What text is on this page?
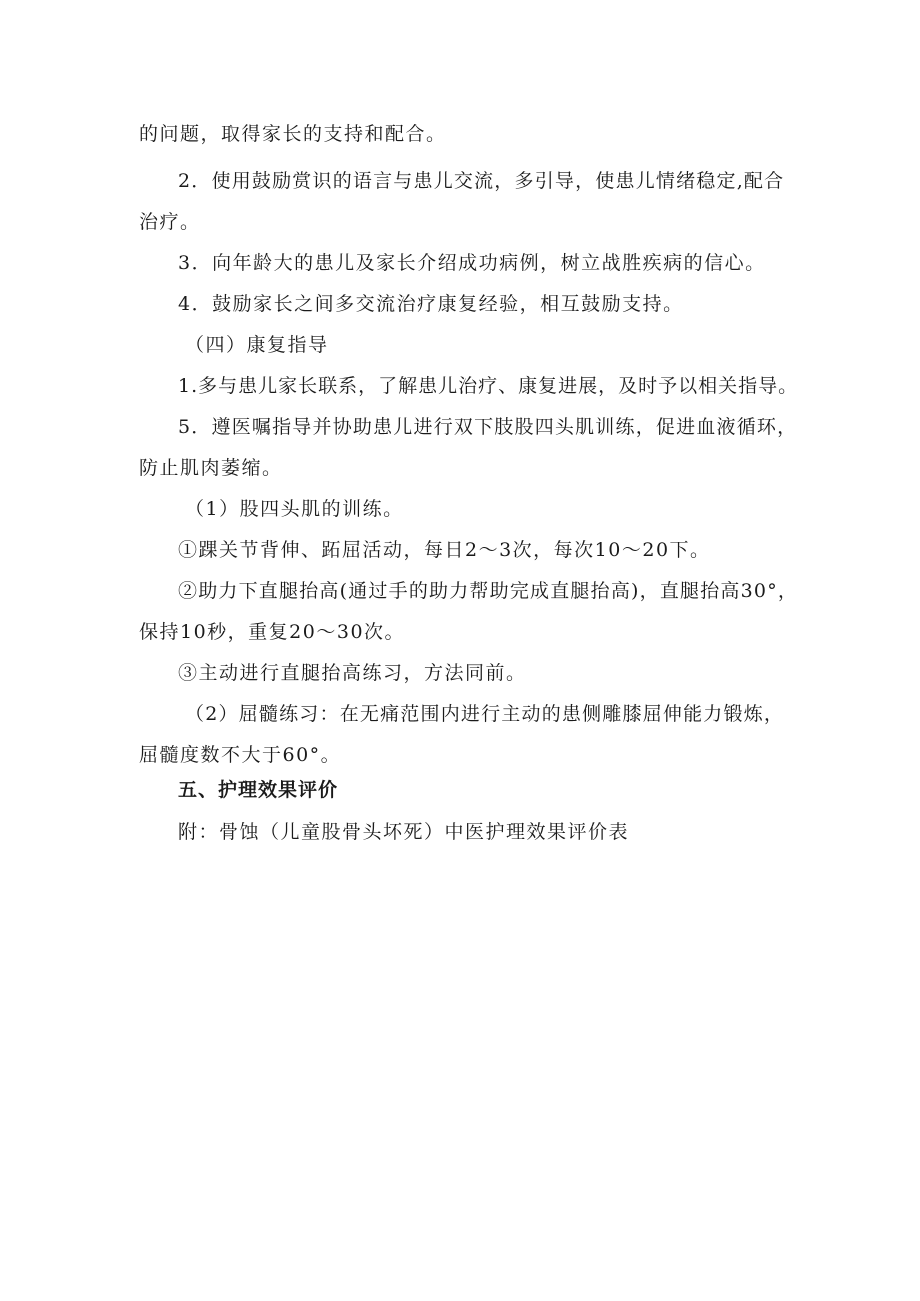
的问题，取得家长的支持和配合。
2．使用鼓励赏识的语言与患儿交流，多引导，使患儿情绪稳定,配合
治疗。
3．向年龄大的患儿及家长介绍成功病例，树立战胜疾病的信心。
4．鼓励家长之间多交流治疗康复经验，相互鼓励支持。
（四）康复指导
1.多与患儿家长联系，了解患儿治疗、康复进展，及时予以相关指导。
5．遵医嘱指导并协助患儿进行双下肢股四头肌训练，促进血液循环，
防止肌肉萎缩。
（1）股四头肌的训练。
①踝关节背伸、跖屈活动，每日2～3次，每次10～20下。
②助力下直腿抬高(通过手的助力帮助完成直腿抬高)，直腿抬高30°，
保持10秒，重复20～30次。
③主动进行直腿抬高练习，方法同前。
（2）屈髓练习：在无痛范围内进行主动的患侧雕膝屈伸能力锻炼，
屈髓度数不大于60°。
五、护理效果评价
附：骨蚀（儿童股骨头坏死）中医护理效果评价表
